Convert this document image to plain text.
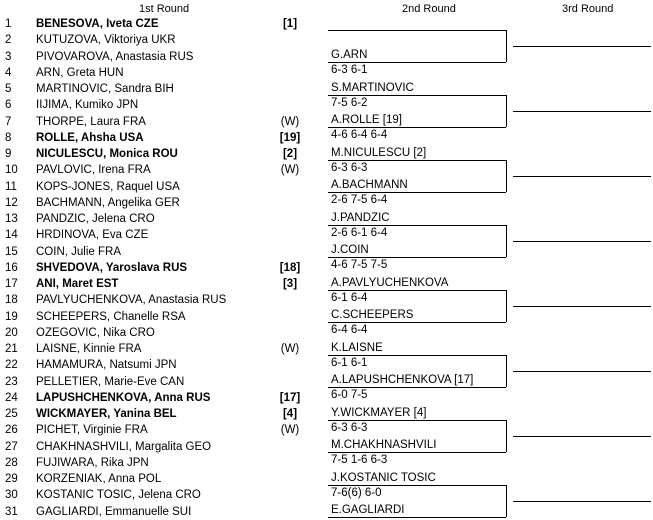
1st Round	2nd Round	3rd Round
1	BENESOVA, Iveta CZE	[1]
2	KUTUZOVA, Viktoriya UKR
3	PIVOVAROVA, Anastasia RUS
4	ARN, Greta HUN
5	MARTINOVIC, Sandra BIH
6	IIJIMA, Kumiko JPN
7	THORPE, Laura FRA	(W)
8	ROLLE, Ahsha USA	[19]
9	NICULESCU, Monica ROU	[2]
10	PAVLOVIC, Irena FRA	(W)
11	KOPS-JONES, Raquel USA
12	BACHMANN, Angelika GER
13	PANDZIC, Jelena CRO
14	HRDINOVA, Eva CZE
15	COIN, Julie FRA
16	SHVEDOVA, Yaroslava RUS	[18]
17	ANI, Maret EST	[3]
18	PAVLYUCHENKOVA, Anastasia RUS
19	SCHEEPERS, Chanelle RSA
20	OZEGOVIC, Nika CRO
21	LAISNE, Kinnie FRA	(W)
22	HAMAMURA, Natsumi JPN
23	PELLETIER, Marie-Eve CAN
24	LAPUSHCHENKOVA, Anna RUS	[17]
25	WICKMAYER, Yanina BEL	[4]
26	PICHET, Virginie FRA	(W)
27	CHAKHNASHVILI, Margalita GEO
28	FUJIWARA, Rika JPN
29	KORZENIAK, Anna POL
30	KOSTANIC TOSIC, Jelena CRO
31	GAGLIARDI, Emmanuelle SUI
G.ARN
6-3 6-1
S.MARTINOVIC
7-5 6-2
A.ROLLE [19]
4-6 6-4 6-4
M.NICULESCU [2]
6-3 6-3
A.BACHMANN
2-6 7-5 6-4
J.PANDZIC
2-6 6-1 6-4
J.COIN
4-6 7-5 7-5
A.PAVLYUCHENKOVA
6-1 6-4
C.SCHEEPERS
6-4 6-4
K.LAISNE
6-1 6-1
A.LAPUSHCHENKOVA [17]
6-0 7-5
Y.WICKMAYER [4]
6-3 6-3
M.CHAKHNASHVILI
7-5 1-6 6-3
J.KOSTANIC TOSIC
7-6(6) 6-0
E.GAGLIARDI
